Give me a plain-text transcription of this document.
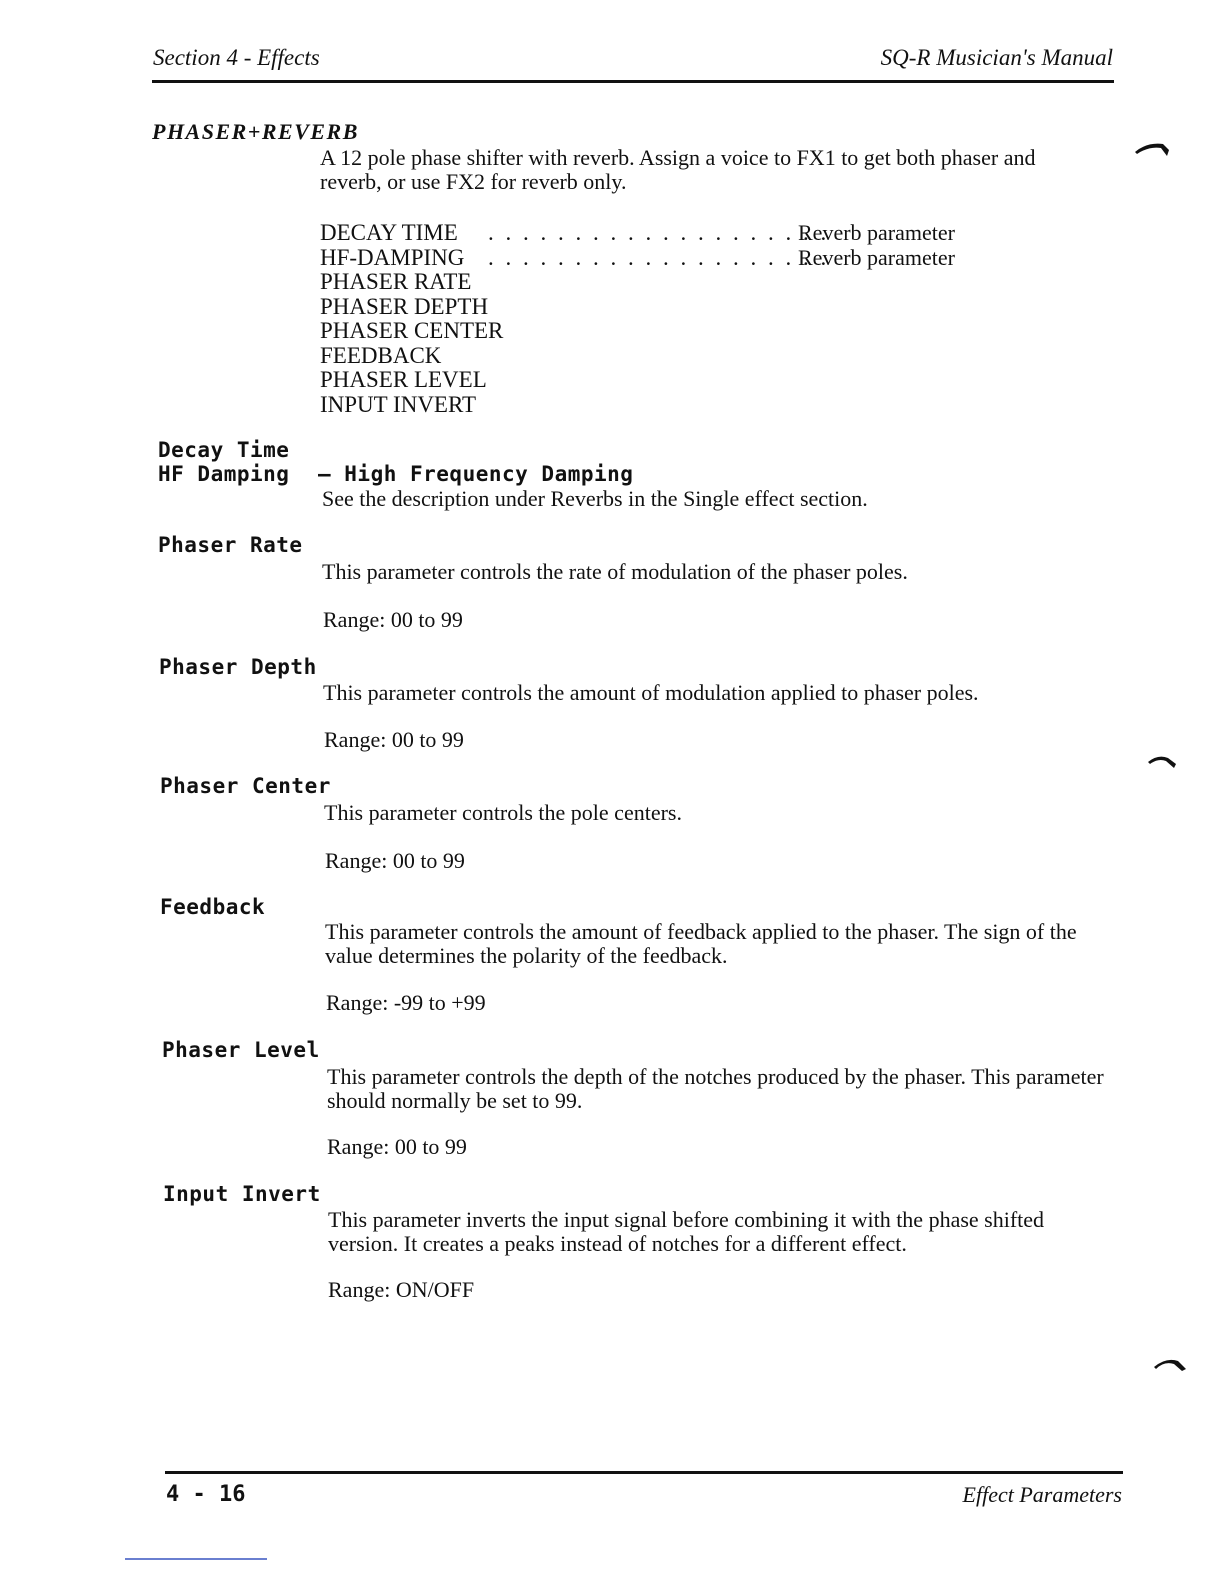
Section 4 - Effects	SQ-R Musician's Manual
PHASER+REVERB
A 12 pole phase shifter with reverb. Assign a voice to FX1 to get both phaser and reverb, or use FX2 for reverb only.
DECAY TIME . . . . . . . . . . . . . . . . . . . .
Reverb parameter
HF-DAMPING . . . . . . . . . . . . . . . . . . . .
Reverb parameter
PHASER RATE
PHASER DEPTH
PHASER CENTER
FEEDBACK
PHASER LEVEL
INPUT INVERT
Decay Time
HF Damping — High Frequency Damping
See the description under Reverbs in the Single effect section.
Phaser Rate
This parameter controls the rate of modulation of the phaser poles.
Range: 00 to 99
Phaser Depth
This parameter controls the amount of modulation applied to phaser poles.
Range: 00 to 99
Phaser Center
This parameter controls the pole centers.
Range: 00 to 99
Feedback
This parameter controls the amount of feedback applied to the phaser. The sign of the value determines the polarity of the feedback.
Range: -99 to +99
Phaser Level
This parameter controls the depth of the notches produced by the phaser. This parameter should normally be set to 99.
Range: 00 to 99
Input Invert
This parameter inverts the input signal before combining it with the phase shifted version. It creates a peaks instead of notches for a different effect.
Range: ON/OFF
4 - 16	Effect Parameters
